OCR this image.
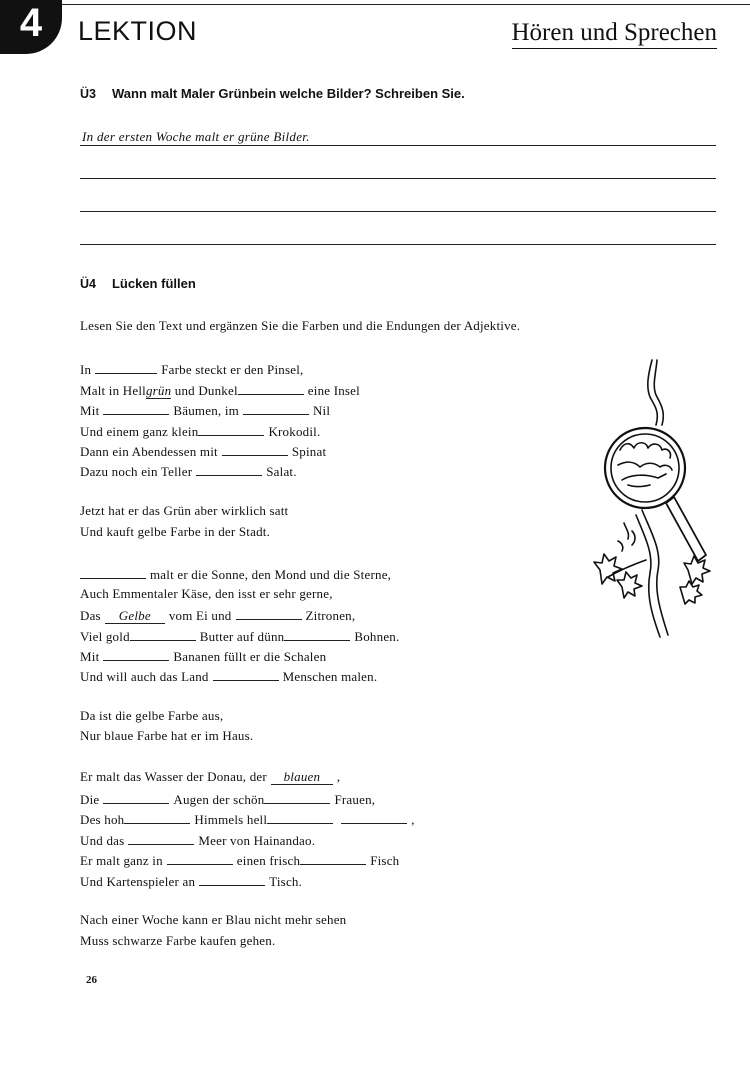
4	LEKTION	Hören und Sprechen
Ü3 Wann malt Maler Grünbein welche Bilder? Schreiben Sie.
In der ersten Woche malt er grüne Bilder.
Ü4 Lücken füllen
Lesen Sie den Text und ergänzen Sie die Farben und die Endungen der Adjektive.
In	Farbe steckt er den Pinsel,
Malt in Hellgrün und Dunkel	eine Insel
Mit	Bäumen, im	Nil
Und einem ganz klein	Krokodil.
Dann ein Abendessen mit	Spinat
Dazu noch ein Teller	Salat.
Jetzt hat er das Grün aber wirklich satt
Und kauft gelbe Farbe in der Stadt.
malt er die Sonne, den Mond und die Sterne,
Auch Emmentaler Käse, den isst er sehr gerne,
Das Gelbe vom Ei und	Zitronen,
Viel gold	Butter auf dünn	Bohnen.
Mit	Bananen füllt er die Schalen
Und will auch das Land	Menschen malen.
Da ist die gelbe Farbe aus,
Nur blaue Farbe hat er im Haus.
Er malt das Wasser der Donau, der blauen ,
Die	Augen der schön	Frauen,
Des hoh	Himmels hell	,
Und das	Meer von Hainandao.
Er malt ganz in	einen frisch	Fisch
Und Kartenspieler an	Tisch.
Nach einer Woche kann er Blau nicht mehr sehen
Muss schwarze Farbe kaufen gehen.
26
